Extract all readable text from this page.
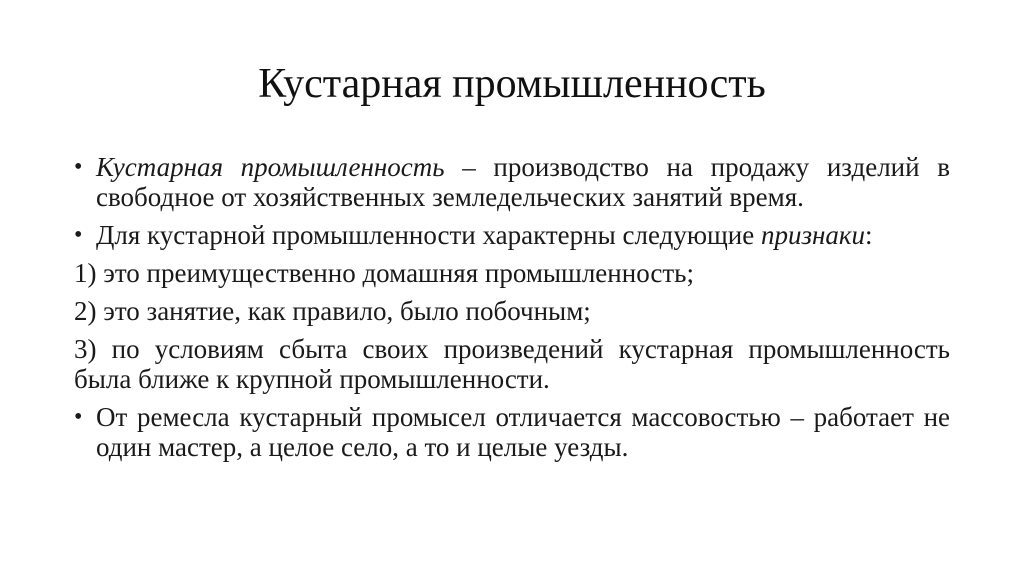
Кустарная промышленность
• Кустарная промышленность – производство на продажу изделий в свободное от хозяйственных земледельческих занятий время.
• Для кустарной промышленности характерны следующие признаки:
1) это преимущественно домашняя промышленность;
2) это занятие, как правило, было побочным;
3) по условиям сбыта своих произведений кустарная промышленность была ближе к крупной промышленности.
• От ремесла кустарный промысел отличается массовостью – работает не один мастер, а целое село, а то и целые уезды.
